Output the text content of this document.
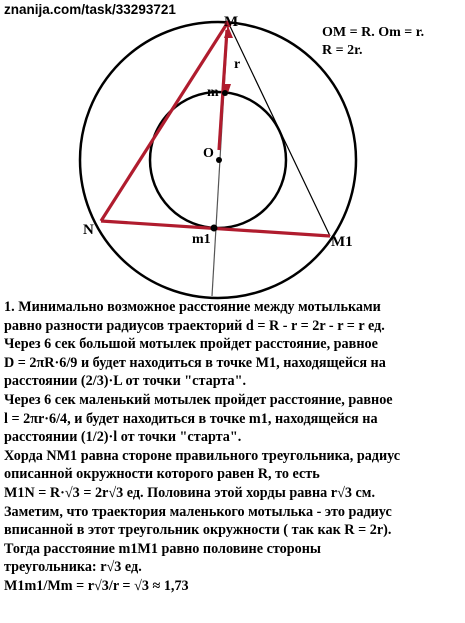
znanija.com/task/33293721
M
r
m
O
N
m1	M1
OM = R. Om = r.
R = 2r.
1. Минимально возможное расстояние между мотыльками
равно разности радиусов траекторий d = R - r = 2r - r = r ед.
Через 6 сек большой мотылек пройдет расстояние, равное
D = 2πR·6/9 и будет находиться в точке M1, находящейся на
расстоянии (2/3)·L от точки "старта".
Через 6 сек маленький мотылек пройдет расстояние, равное
l = 2πr·6/4, и будет находиться в точке m1, находящейся на
расстоянии (1/2)·l от точки "старта".
Хорда NM1 равна стороне правильного треугольника, радиус
описанной окружности которого равен R, то есть
M1N = R·√3 = 2r√3 ед. Половина этой хорды равна r√3 см.
Заметим, что траектория маленького мотылька - это радиус
вписанной в этот треугольник окружности ( так как R = 2r).
Тогда расстояние m1M1 равно половине стороны
треугольника: r√3 ед.
M1m1/Mm = r√3/r = √3 ≈ 1,73
